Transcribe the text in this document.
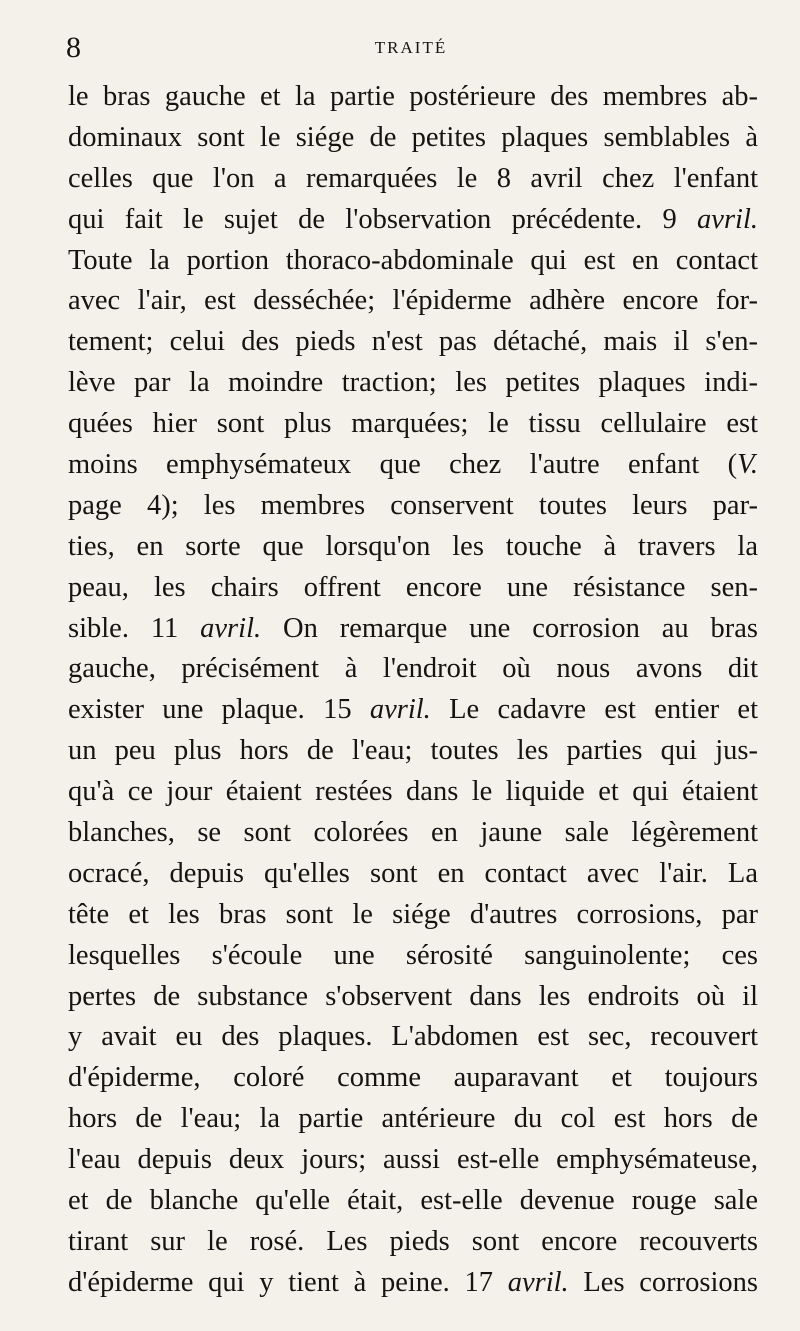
8	TRAITÉ
le bras gauche et la partie postérieure des membres ab-
dominaux sont le siége de petites plaques semblables à
celles que l'on a remarquées le 8 avril chez l'enfant
qui fait le sujet de l'observation précédente. 9 avril.
Toute la portion thoraco-abdominale qui est en contact
avec l'air, est desséchée; l'épiderme adhère encore for-
tement; celui des pieds n'est pas détaché, mais il s'en-
lève par la moindre traction; les petites plaques indi-
quées hier sont plus marquées; le tissu cellulaire est
moins emphysémateux que chez l'autre enfant (V.
page 4); les membres conservent toutes leurs par-
ties, en sorte que lorsqu'on les touche à travers la
peau, les chairs offrent encore une résistance sen-
sible. 11 avril. On remarque une corrosion au bras
gauche, précisément à l'endroit où nous avons dit
exister une plaque. 15 avril. Le cadavre est entier et
un peu plus hors de l'eau; toutes les parties qui jus-
qu'à ce jour étaient restées dans le liquide et qui étaient
blanches, se sont colorées en jaune sale légèrement
ocracé, depuis qu'elles sont en contact avec l'air. La
tête et les bras sont le siége d'autres corrosions, par
lesquelles s'écoule une sérosité sanguinolente; ces
pertes de substance s'observent dans les endroits où il
y avait eu des plaques. L'abdomen est sec, recouvert
d'épiderme, coloré comme auparavant et toujours
hors de l'eau; la partie antérieure du col est hors de
l'eau depuis deux jours; aussi est-elle emphysémateuse,
et de blanche qu'elle était, est-elle devenue rouge sale
tirant sur le rosé. Les pieds sont encore recouverts
d'épiderme qui y tient à peine. 17 avril. Les corrosions
